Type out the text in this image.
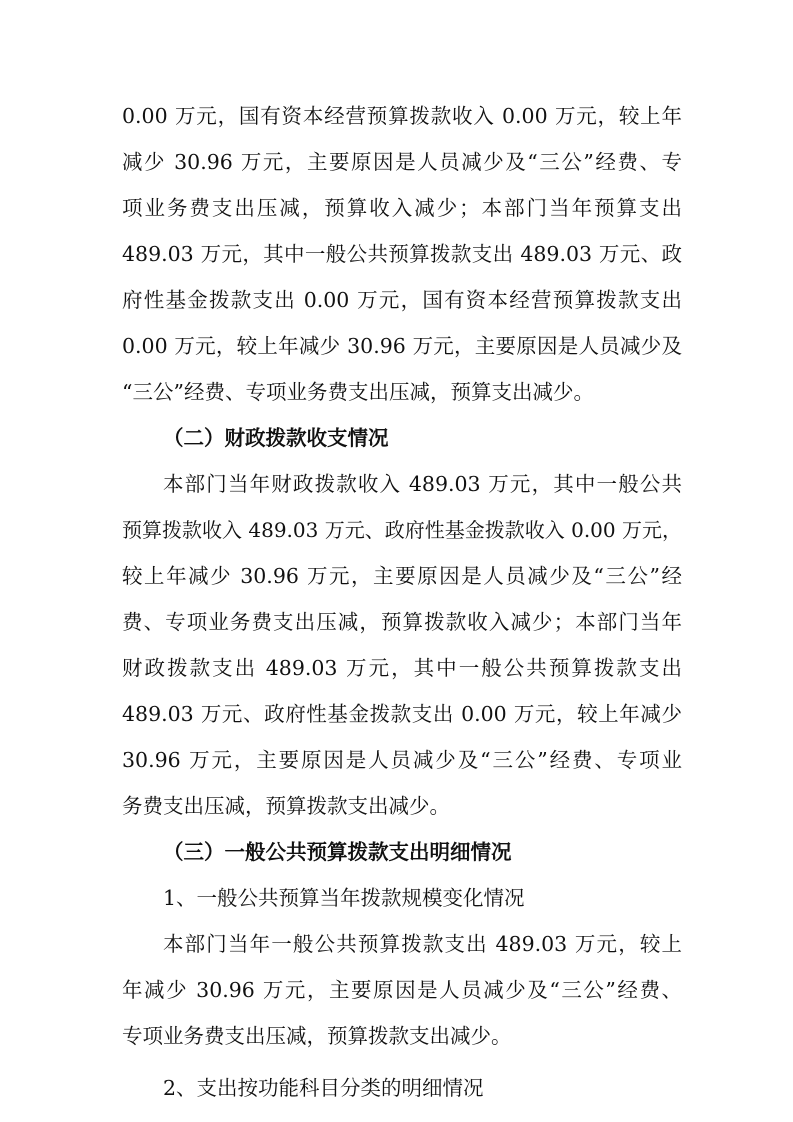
0.00 万元，国有资本经营预算拨款收入 0.00 万元，较上年
减少 30.96 万元，主要原因是人员减少及“三公”经费、专
项业务费支出压减，预算收入减少；本部门当年预算支出
489.03 万元，其中一般公共预算拨款支出 489.03 万元、政
府性基金拨款支出 0.00 万元，国有资本经营预算拨款支出
0.00 万元，较上年减少 30.96 万元，主要原因是人员减少及
“三公”经费、专项业务费支出压减，预算支出减少。
（二）财政拨款收支情况
本部门当年财政拨款收入 489.03 万元，其中一般公共
预算拨款收入 489.03 万元、政府性基金拨款收入 0.00 万元，
较上年减少 30.96 万元，主要原因是人员减少及“三公”经
费、专项业务费支出压减，预算拨款收入减少；本部门当年
财政拨款支出 489.03 万元，其中一般公共预算拨款支出
489.03 万元、政府性基金拨款支出 0.00 万元，较上年减少
30.96 万元，主要原因是人员减少及“三公”经费、专项业
务费支出压减，预算拨款支出减少。
（三）一般公共预算拨款支出明细情况
1、一般公共预算当年拨款规模变化情况
本部门当年一般公共预算拨款支出 489.03 万元，较上
年减少 30.96 万元，主要原因是人员减少及“三公”经费、
专项业务费支出压减，预算拨款支出减少。
2、支出按功能科目分类的明细情况
